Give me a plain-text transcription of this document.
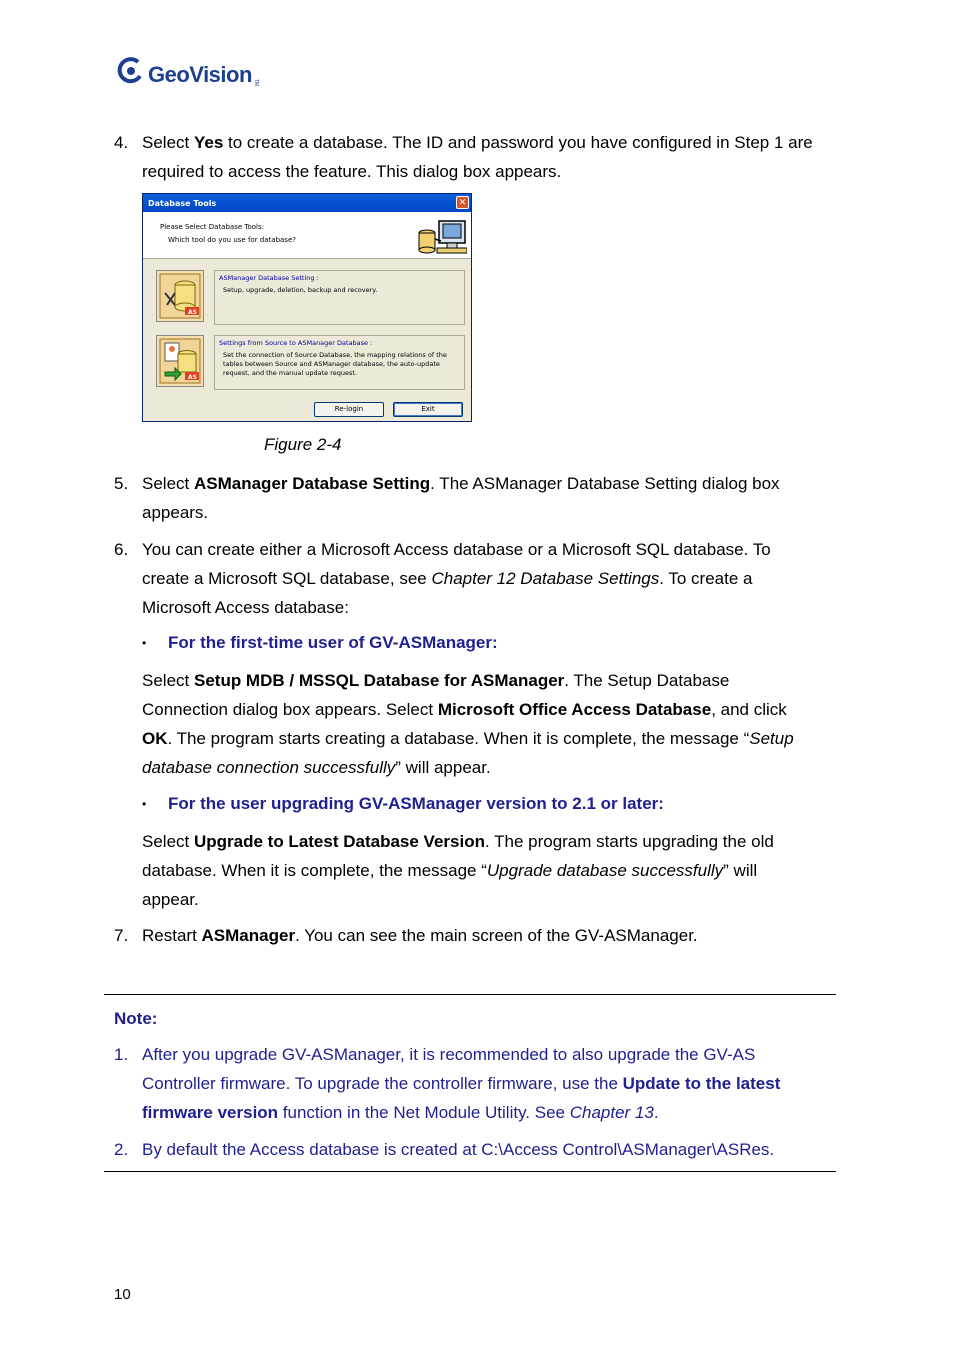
GeoVision TM
4. Select Yes to create a database. The ID and password you have configured in Step 1 are
required to access the feature. This dialog box appears.
Database Tools	✕
Please Select Database Tools:
Which tool do you use for database?
AS
ASManager Database Setting :
Setup, upgrade, deletion, backup and recovery.
AS
Settings from Source to ASManager Database :
Set the connection of Source Database, the mapping relations of the tables between Source and ASManager database, the auto-update request, and the manual update request.
Re-login	Exit
Figure 2-4
5. Select ASManager Database Setting. The ASManager Database Setting dialog box
appears.
6. You can create either a Microsoft Access database or a Microsoft SQL database. To
create a Microsoft SQL database, see Chapter 12 Database Settings. To create a
Microsoft Access database:
• For the first-time user of GV-ASManager:
Select Setup MDB / MSSQL Database for ASManager. The Setup Database
Connection dialog box appears. Select Microsoft Office Access Database, and click
OK. The program starts creating a database. When it is complete, the message “Setup
database connection successfully” will appear.
• For the user upgrading GV-ASManager version to 2.1 or later:
Select Upgrade to Latest Database Version. The program starts upgrading the old
database. When it is complete, the message “Upgrade database successfully” will
appear.
7. Restart ASManager. You can see the main screen of the GV-ASManager.
Note:
1. After you upgrade GV-ASManager, it is recommended to also upgrade the GV-AS
Controller firmware. To upgrade the controller firmware, use the Update to the latest
firmware version function in the Net Module Utility. See Chapter 13.
2. By default the Access database is created at C:\Access Control\ASManager\ASRes.
10
